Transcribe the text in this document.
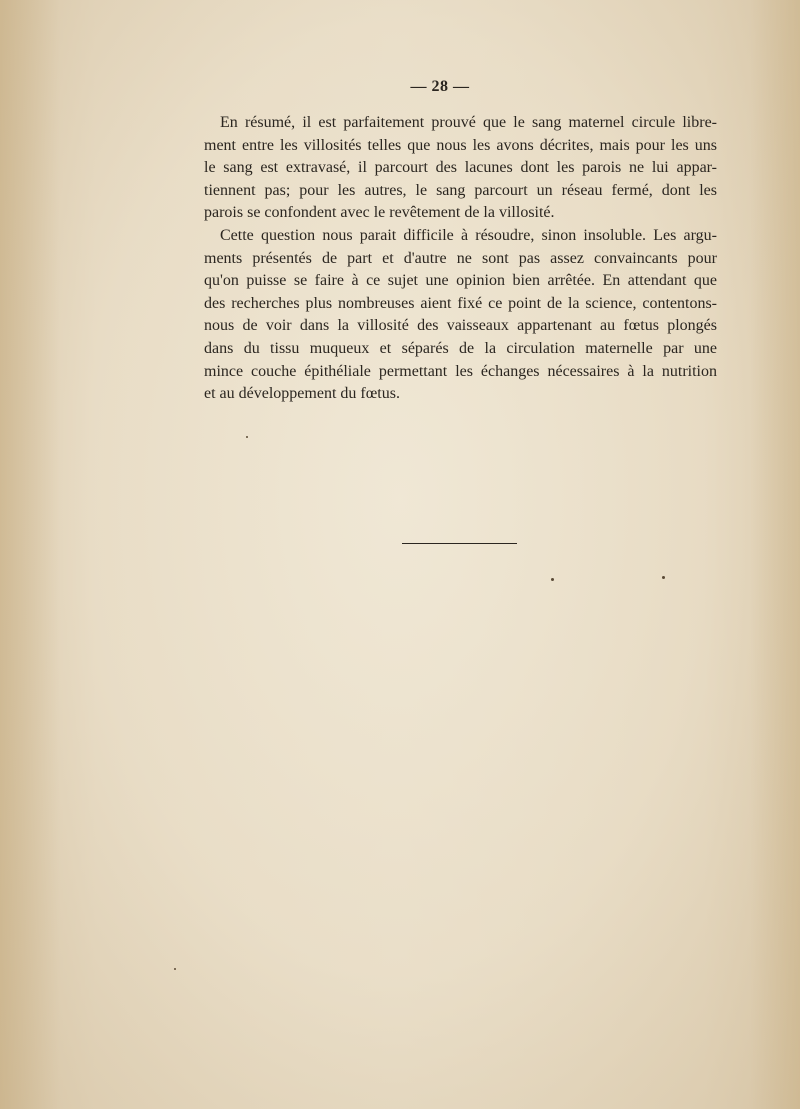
— 28 —
En résumé, il est parfaitement prouvé que le sang maternel circule libre-
ment entre les villosités telles que nous les avons décrites, mais pour les uns
le sang est extravasé, il parcourt des lacunes dont les parois ne lui appar-
tiennent pas; pour les autres, le sang parcourt un réseau fermé, dont les
parois se confondent avec le revêtement de la villosité.
Cette question nous parait difficile à résoudre, sinon insoluble. Les argu-
ments présentés de part et d'autre ne sont pas assez convaincants pour
qu'on puisse se faire à ce sujet une opinion bien arrêtée. En attendant que
des recherches plus nombreuses aient fixé ce point de la science, contentons-
nous de voir dans la villosité des vaisseaux appartenant au fœtus plongés
dans du tissu muqueux et séparés de la circulation maternelle par une
mince couche épithéliale permettant les échanges nécessaires à la nutrition
et au développement du fœtus.
